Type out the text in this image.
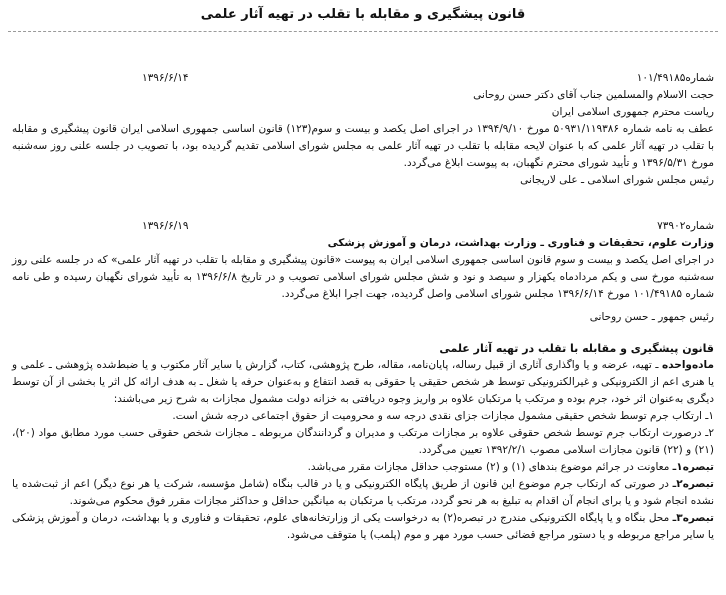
قانون پیشگیری و مقابله با تقلب در تهیه آثار علمی
شماره۱۰۱/۴۹۱۸۵
۱۳۹۶/۶/۱۴

حجت الاسلام والمسلمین جناب آقای دکتر حسن روحانی

ریاست محترم جمهوری اسلامی ایران

عطف به نامه شماره ۵۰۹۳۱/۱۱۹۳۸۶ مورخ ۱۳۹۴/۹/۱۰ در اجرای اصل یکصد و بیست و سوم(۱۲۳) قانون اساسی جمهوری اسلامی ایران قانون پیشگیری و مقابله با تقلب در تهیه آثار علمی که با عنوان لایحه مقابله با تقلب در تهیه آثار علمی به مجلس شورای اسلامی تقدیم گردیده بود، با تصویب در جلسه علنی روز سه‌شنبه مورخ ۱۳۹۶/۵/۳۱ و تأیید شورای محترم نگهبان، به پیوست ابلاغ می‌گردد.

رئیس مجلس شورای اسلامی ـ علی لاریجانی

شماره۷۳۹۰۲
۱۳۹۶/۶/۱۹

وزارت علوم، تحقیقات و فناوری ـ وزارت بهداشت، درمان و آموزش پزشکی

در اجرای اصل یکصد و بیست و سوم قانون اساسی جمهوری اسلامی ایران به پیوست «قانون پیشگیری و مقابله با تقلب در تهیه آثار علمی» که در جلسه علنی روز سه‌شنبه مورخ سی و یکم مردادماه یکهزار و سیصد و نود و شش مجلس شورای اسلامی تصویب و در تاریخ ۱۳۹۶/۶/۸ به تأیید شورای نگهبان رسیده و طی نامه شماره ۱۰۱/۴۹۱۸۵ مورخ ۱۳۹۶/۶/۱۴ مجلس شورای اسلامی واصل گردیده، جهت اجرا ابلاغ می‌گردد.

رئیس جمهور ـ حسن روحانی

قانون پیشگیری و مقابله با تقلب در تهیه آثار علمی

ماده‌واحده ـ تهیه، عرضه و یا واگذاری آثاری از قبیل رساله، پایان‌نامه، مقاله، طرح پژوهشی، کتاب، گزارش یا سایر آثار مکتوب و یا ضبط‌شده پژوهشی ـ علمی و یا هنری اعم از الکترونیکی و غیرالکترونیکی توسط هر شخص حقیقی یا حقوقی به قصد انتفاع و به‌عنوان حرفه یا شغل ـ به هدف ارائه کل اثر یا بخشی از آن توسط دیگری به‌عنوان اثر خود، جرم بوده و مرتکب یا مرتکبان علاوه بر واریز وجوه دریافتی به خزانه دولت مشمول مجازات به شرح زیر می‌باشند:

۱ـ ارتکاب جرم توسط شخص حقیقی مشمول مجازات جزای نقدی درجه سه و محرومیت از حقوق اجتماعی درجه شش است.

۲ـ درصورت ارتکاب جرم توسط شخص حقوقی علاوه بر مجازات مرتکب و مدیران و گردانندگان مربوطه ـ مجازات شخص حقوقی حسب مورد مطابق مواد (۲۰)، (۲۱) و (۲۲) قانون مجازات اسلامی مصوب ۱۳۹۲/۲/۱ تعیین می‌گردد.

تبصره۱ـ معاونت در جرائم موضوع بندهای (۱) و (۲) مستوجب حداقل مجازات مقرر می‌باشد.

تبصره۲ـ در صورتی که ارتکاب جرم موضوع این قانون از طریق پایگاه الکترونیکی و یا در قالب بنگاه (شامل مؤسسه، شرکت یا هر نوع دیگر) اعم از ثبت‌شده یا نشده انجام شود و یا برای انجام آن اقدام به تبلیغ به هر نحو گردد، مرتکب یا مرتکبان به میانگین حداقل و حداکثر مجازات مقرر فوق محکوم می‌شوند.

تبصره۳ـ محل بنگاه و یا پایگاه الکترونیکی مندرج در تبصره(۲) به درخواست یکی از وزارتخانه‌های علوم، تحقیقات و فناوری و یا بهداشت، درمان و آموزش پزشکی یا سایر مراجع مربوطه و یا دستور مراجع قضائی حسب مورد مهر و موم (پلمب) یا متوقف می‌شود.
